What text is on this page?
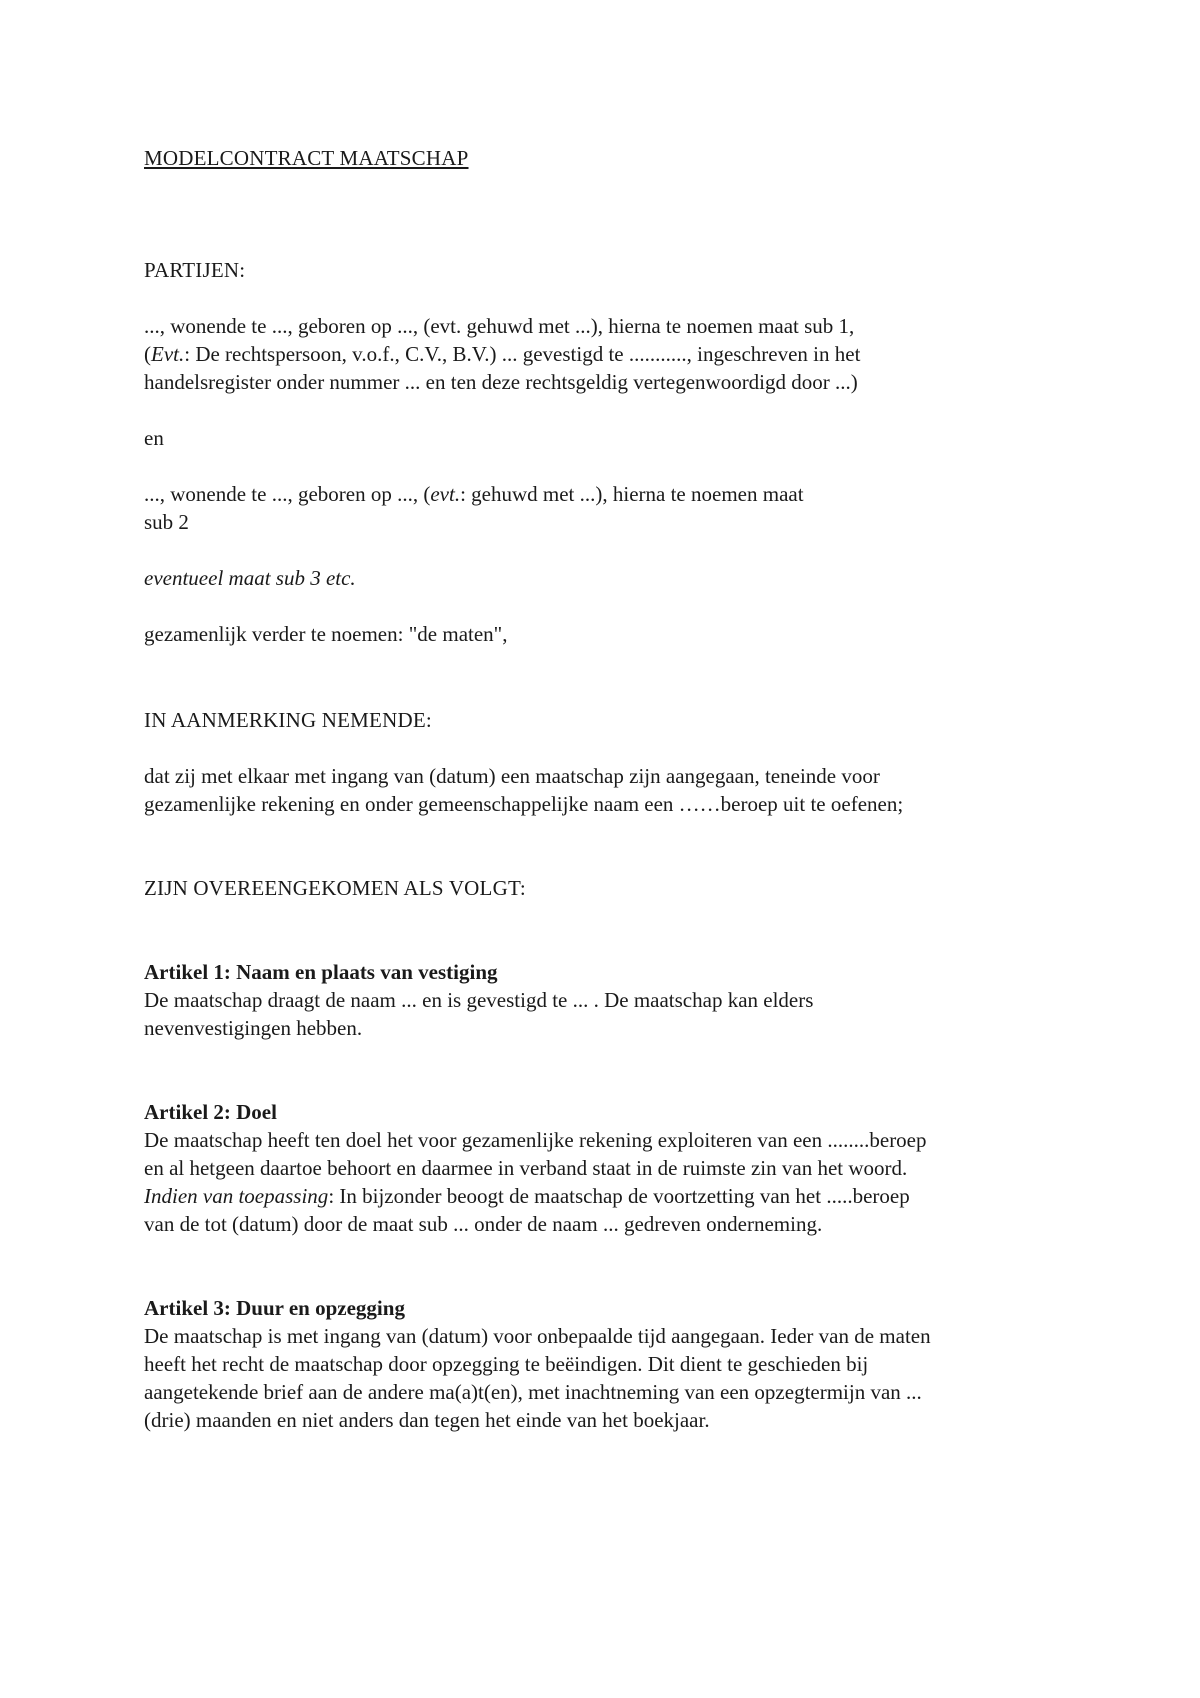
MODELCONTRACT MAATSCHAP
PARTIJEN:
..., wonende te ..., geboren op ..., (evt. gehuwd met ...), hierna te noemen maat sub 1,
(Evt.: De rechtspersoon, v.o.f., C.V., B.V.) ... gevestigd te ..........., ingeschreven in het
handelsregister onder nummer ... en ten deze rechtsgeldig vertegenwoordigd door ...)
en
..., wonende te ..., geboren op ..., (evt.: gehuwd met ...), hierna te noemen maat
sub 2
eventueel maat sub 3 etc.
gezamenlijk verder te noemen: "de maten",
IN AANMERKING NEMENDE:
dat zij met elkaar met ingang van (datum) een maatschap zijn aangegaan, teneinde voor
gezamenlijke rekening en onder gemeenschappelijke naam een ……beroep uit te oefenen;
ZIJN OVEREENGEKOMEN ALS VOLGT:
Artikel 1: Naam en plaats van vestiging
De maatschap draagt de naam ... en is gevestigd te ... . De maatschap kan elders
nevenvestigingen hebben.
Artikel 2: Doel
De maatschap heeft ten doel het voor gezamenlijke rekening exploiteren van een ........beroep
en al hetgeen daartoe behoort en daarmee in verband staat in de ruimste zin van het woord.
Indien van toepassing: In bijzonder beoogt de maatschap de voortzetting van het .....beroep
van de tot (datum) door de maat sub ... onder de naam ... gedreven onderneming.
Artikel 3: Duur en opzegging
De maatschap is met ingang van (datum) voor onbepaalde tijd aangegaan. Ieder van de maten
heeft het recht de maatschap door opzegging te beëindigen. Dit dient te geschieden bij
aangetekende brief aan de andere ma(a)t(en), met inachtneming van een opzegtermijn van ...
(drie) maanden en niet anders dan tegen het einde van het boekjaar.
